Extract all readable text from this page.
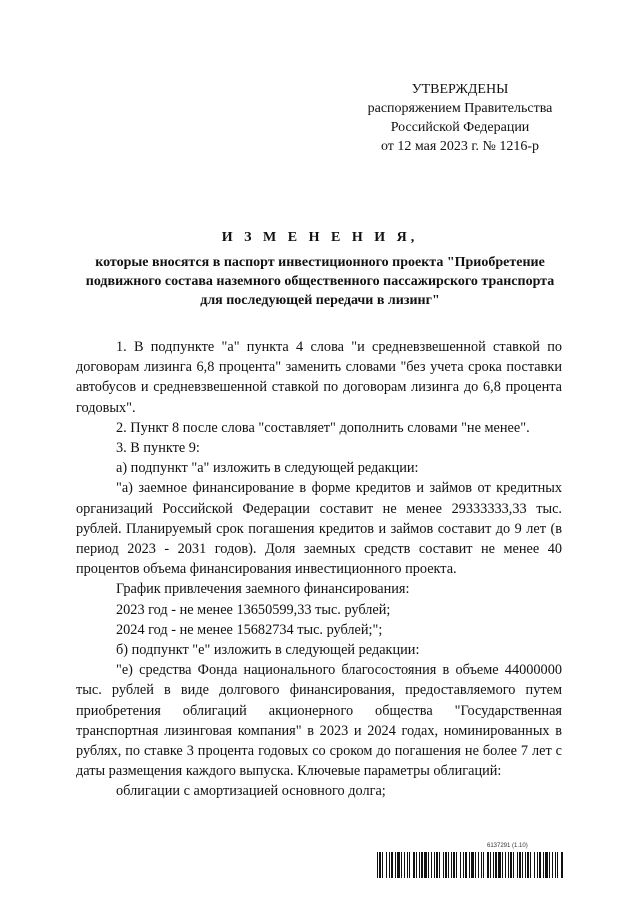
УТВЕРЖДЕНЫ
распоряжением Правительства
Российской Федерации
от 12 мая 2023 г. № 1216-р
И З М Е Н Е Н И Я,
которые вносятся в паспорт инвестиционного проекта "Приобретение подвижного состава наземного общественного пассажирского транспорта для последующей передачи в лизинг"

1. В подпункте "а" пункта 4 слова "и средневзвешенной ставкой по договорам лизинга 6,8 процента" заменить словами "без учета срока поставки автобусов и средневзвешенной ставкой по договорам лизинга до 6,8 процента годовых".

2. Пункт 8 после слова "составляет" дополнить словами "не менее".

3. В пункте 9:

а) подпункт "а" изложить в следующей редакции:

"а) заемное финансирование в форме кредитов и займов от кредитных организаций Российской Федерации составит не менее 29333333,33 тыс. рублей. Планируемый срок погашения кредитов и займов составит до 9 лет (в период 2023 - 2031 годов). Доля заемных средств составит не менее 40 процентов объема финансирования инвестиционного проекта.

График привлечения заемного финансирования:

2023 год - не менее 13650599,33 тыс. рублей;

2024 год - не менее 15682734 тыс. рублей;";

б) подпункт "е" изложить в следующей редакции:

"е) средства Фонда национального благосостояния в объеме 44000000 тыс. рублей в виде долгового финансирования, предоставляемого путем приобретения облигаций акционерного общества "Государственная транспортная лизинговая компания" в 2023 и 2024 годах, номинированных в рублях, по ставке 3 процента годовых со сроком до погашения не более 7 лет с даты размещения каждого выпуска. Ключевые параметры облигаций:

облигации с амортизацией основного долга;

6137291 (1.10)
